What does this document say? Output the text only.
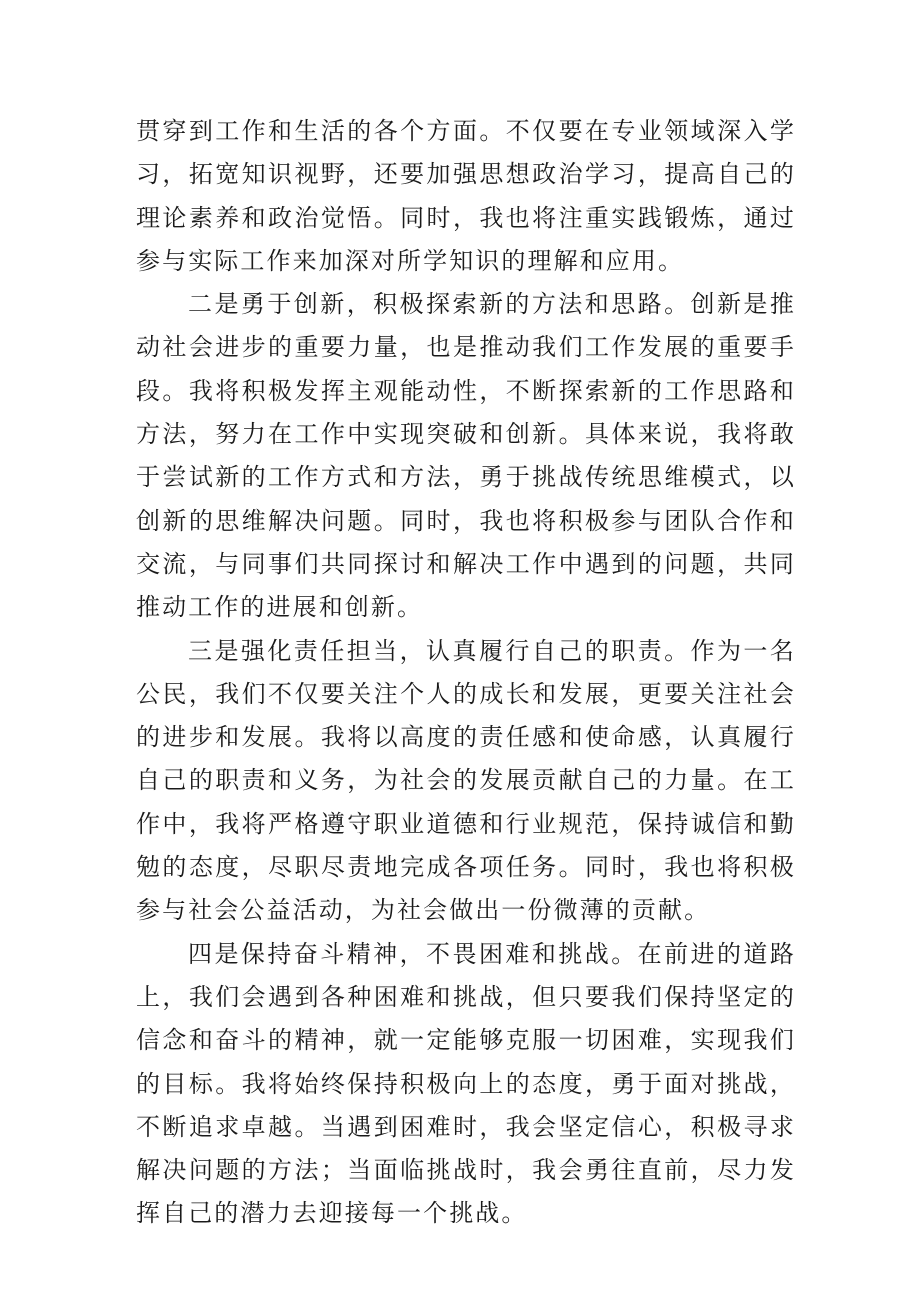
贯穿到工作和生活的各个方面。不仅要在专业领域深入学习，拓宽知识视野，还要加强思想政治学习，提高自己的理论素养和政治觉悟。同时，我也将注重实践锻炼，通过参与实际工作来加深对所学知识的理解和应用。

二是勇于创新，积极探索新的方法和思路。创新是推动社会进步的重要力量，也是推动我们工作发展的重要手段。我将积极发挥主观能动性，不断探索新的工作思路和方法，努力在工作中实现突破和创新。具体来说，我将敢于尝试新的工作方式和方法，勇于挑战传统思维模式，以创新的思维解决问题。同时，我也将积极参与团队合作和交流，与同事们共同探讨和解决工作中遇到的问题，共同推动工作的进展和创新。

三是强化责任担当，认真履行自己的职责。作为一名公民，我们不仅要关注个人的成长和发展，更要关注社会的进步和发展。我将以高度的责任感和使命感，认真履行自己的职责和义务，为社会的发展贡献自己的力量。在工作中，我将严格遵守职业道德和行业规范，保持诚信和勤勉的态度，尽职尽责地完成各项任务。同时，我也将积极参与社会公益活动，为社会做出一份微薄的贡献。

四是保持奋斗精神，不畏困难和挑战。在前进的道路上，我们会遇到各种困难和挑战，但只要我们保持坚定的信念和奋斗的精神，就一定能够克服一切困难，实现我们的目标。我将始终保持积极向上的态度，勇于面对挑战，不断追求卓越。当遇到困难时，我会坚定信心，积极寻求解决问题的方法；当面临挑战时，我会勇往直前，尽力发挥自己的潜力去迎接每一个挑战。
